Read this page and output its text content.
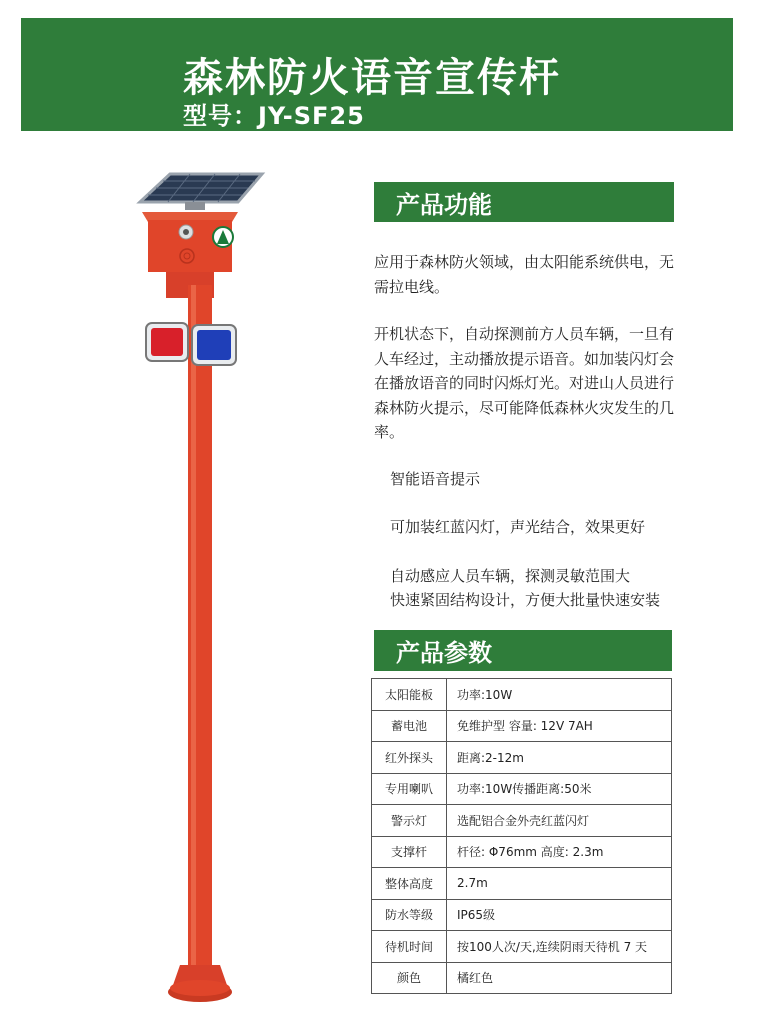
森林防火语音宣传杆
型号：JY-SF25
产品功能
应用于森林防火领域，由太阳能系统供电，无需拉电线。
开机状态下，自动探测前方人员车辆，一旦有人车经过，主动播放提示语音。如加装闪灯会在播放语音的同时闪烁灯光。对进山人员进行森林防火提示，尽可能降低森林火灾发生的几率。
智能语音提示
可加装红蓝闪灯，声光结合，效果更好
自动感应人员车辆，探测灵敏范围大
快速紧固结构设计，方便大批量快速安装
产品参数
太阳能板	功率:10W
蓄电池	免维护型 容量: 12V 7AH
红外探头	距离:2-12m
专用喇叭	功率:10W传播距离:50米
警示灯	选配铝合金外壳红蓝闪灯
支撑杆	杆径: Φ76mm 高度: 2.3m
整体高度	2.7m
防水等级	IP65级
待机时间	按100人次/天,连续阴雨天待机 7 天
颜色	橘红色
